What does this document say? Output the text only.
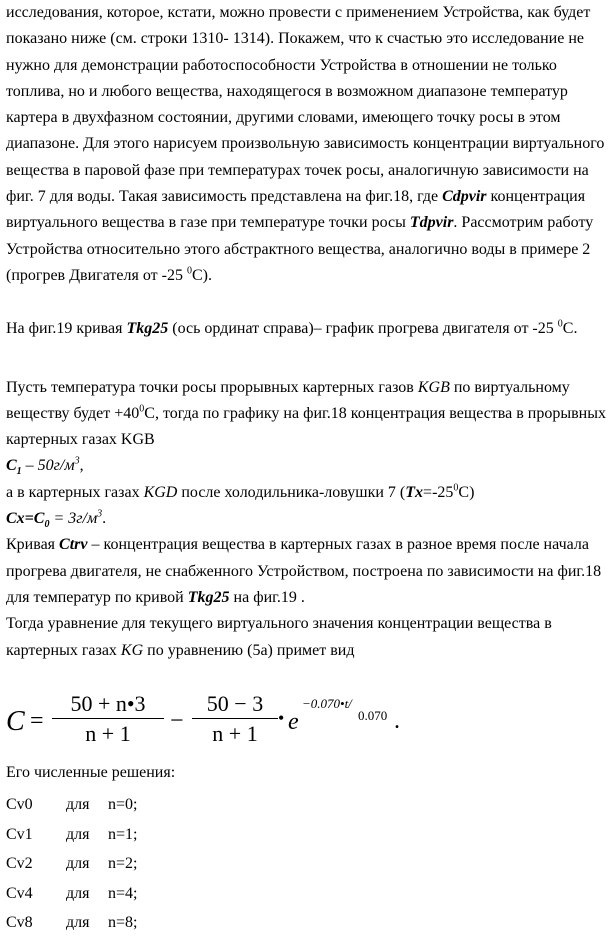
исследования, которое, кстати, можно провести с применением Устройства, как будет

показано ниже (см. строки 1310- 1314). Покажем, что к счастью это исследование не

нужно для демонстрации работоспособности Устройства в отношении не только

топлива, но и любого вещества, находящегося в возможном диапазоне температур

картера в двухфазном состоянии, другими словами, имеющего точку росы в этом

диапазоне. Для этого нарисуем произвольную зависимость концентрации виртуального

вещества в паровой фазе при температурах точек росы, аналогичную зависимости на

фиг. 7 для воды. Такая зависимость представлена на фиг.18, где Cdpvir концентрация

виртуального вещества в газе при температуре точки росы Tdpvir. Рассмотрим работу

Устройства относительно этого абстрактного вещества, аналогично воды в примере 2

(прогрев Двигателя от -25 $^0$С).

На фиг.19 кривая Tkg25 (ось ординат справа)– график прогрева двигателя от -25 $^0$С.

Пусть температура точки росы прорывных картерных газов KGB по виртуальному

веществу будет $+40^0С$, тогда по графику на фиг.18 концентрация вещества в прорывных

картерных газах KGB

$C_1 - 50г/м^3$,

а в картерных газах KGD после холодильника-ловушки 7 $(Tx=-25^0С)$

$Cx=C_0 = 3г/м^3$.

Кривая Ctrv – концентрация вещества в картерных газах в разное время после начала

прогрева двигателя, не снабженного Устройством, построена по зависимости на фиг.18

для температур по кривой Tkg25 на фиг.19 .

Тогда уравнение для текущего виртуального значения концентрации вещества в

картерных газах KG по уравнению (5а) примет вид

$C = \frac{50 + n•3}{n + 1} - \frac{50 - 3}{n + 1}$ • e
−0.070•t/
0.070 .

Его численные решения:

Cv0	для	n=0;
Cv1	для	n=1;
Cv2	для	n=2;
Cv4	для	n=4;
Cv8	для	n=8;
